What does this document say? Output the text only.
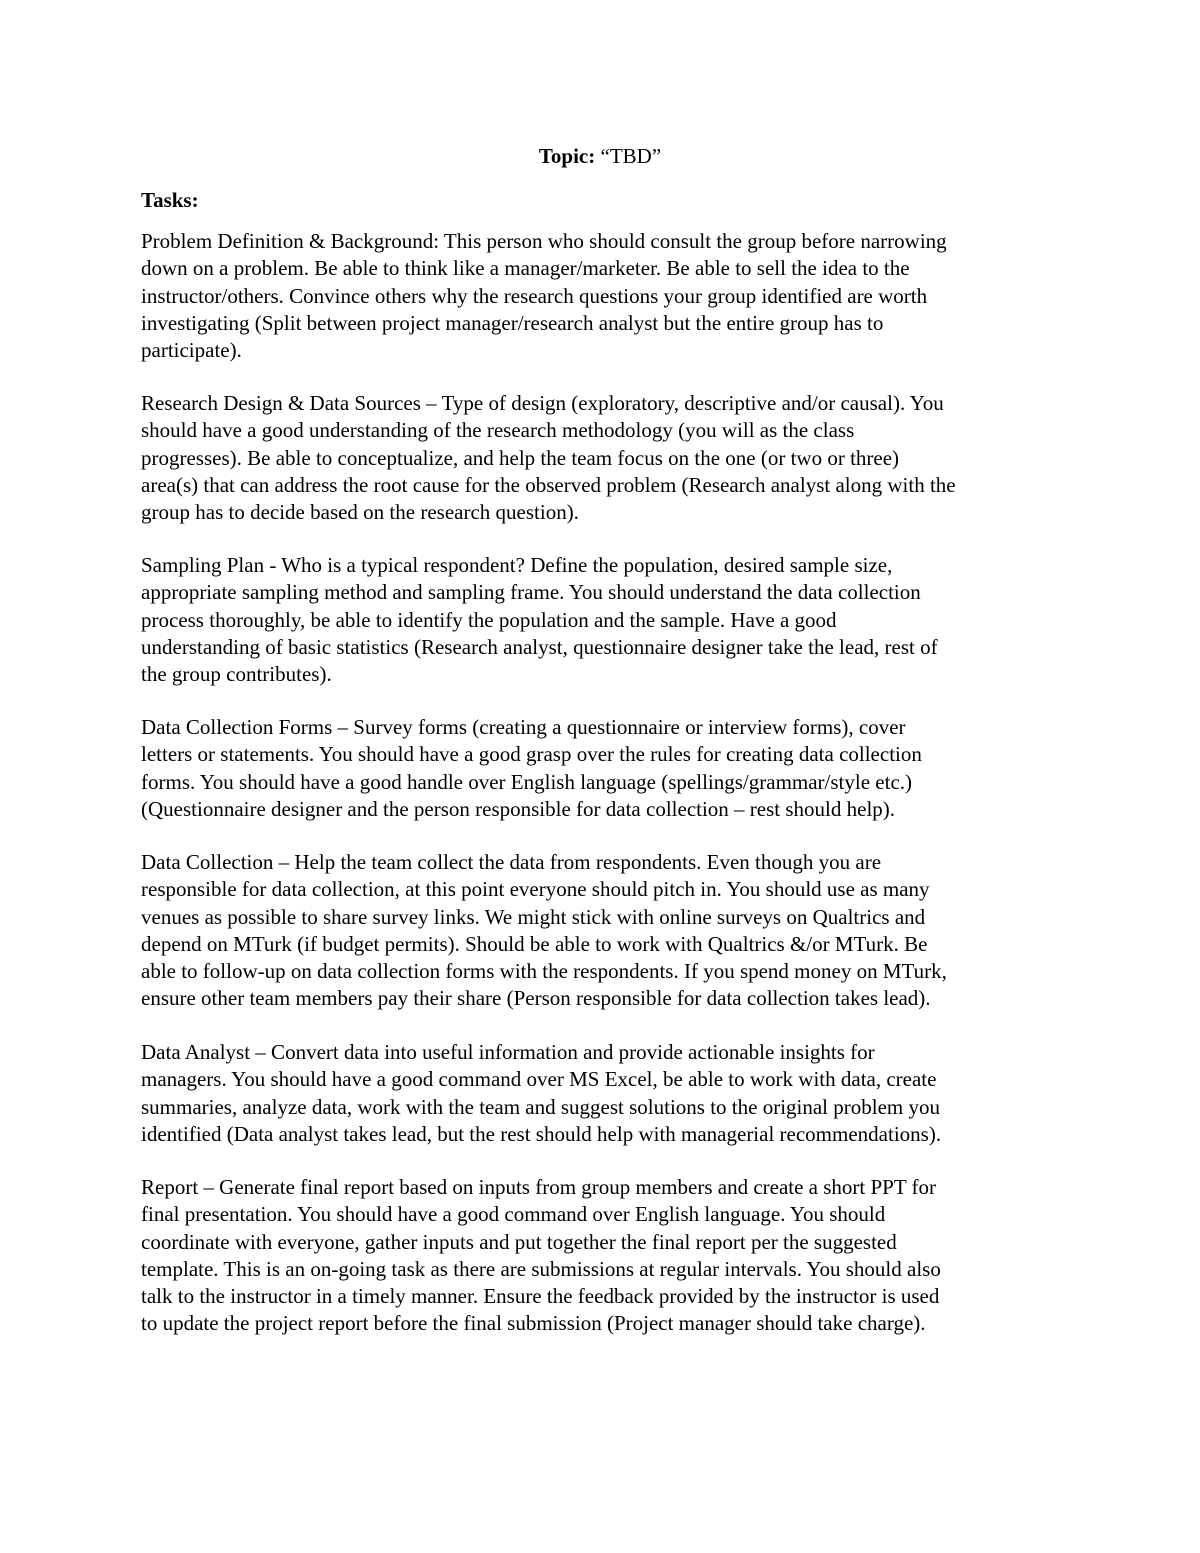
Topic: “TBD”

Tasks:

Problem Definition & Background: This person who should consult the group before narrowing
down on a problem. Be able to think like a manager/marketer. Be able to sell the idea to the
instructor/others. Convince others why the research questions your group identified are worth
investigating (Split between project manager/research analyst but the entire group has to
participate).

Research Design & Data Sources – Type of design (exploratory, descriptive and/or causal). You
should have a good understanding of the research methodology (you will as the class
progresses). Be able to conceptualize, and help the team focus on the one (or two or three)
area(s) that can address the root cause for the observed problem (Research analyst along with the
group has to decide based on the research question).

Sampling Plan - Who is a typical respondent? Define the population, desired sample size,
appropriate sampling method and sampling frame. You should understand the data collection
process thoroughly, be able to identify the population and the sample. Have a good
understanding of basic statistics (Research analyst, questionnaire designer take the lead, rest of
the group contributes).

Data Collection Forms – Survey forms (creating a questionnaire or interview forms), cover
letters or statements. You should have a good grasp over the rules for creating data collection
forms. You should have a good handle over English language (spellings/grammar/style etc.)
(Questionnaire designer and the person responsible for data collection – rest should help).

Data Collection – Help the team collect the data from respondents. Even though you are
responsible for data collection, at this point everyone should pitch in. You should use as many
venues as possible to share survey links. We might stick with online surveys on Qualtrics and
depend on MTurk (if budget permits). Should be able to work with Qualtrics &/or MTurk. Be
able to follow-up on data collection forms with the respondents. If you spend money on MTurk,
ensure other team members pay their share (Person responsible for data collection takes lead).

Data Analyst – Convert data into useful information and provide actionable insights for
managers. You should have a good command over MS Excel, be able to work with data, create
summaries, analyze data, work with the team and suggest solutions to the original problem you
identified (Data analyst takes lead, but the rest should help with managerial recommendations).

Report – Generate final report based on inputs from group members and create a short PPT for
final presentation. You should have a good command over English language. You should
coordinate with everyone, gather inputs and put together the final report per the suggested
template. This is an on-going task as there are submissions at regular intervals. You should also
talk to the instructor in a timely manner. Ensure the feedback provided by the instructor is used
to update the project report before the final submission (Project manager should take charge).
